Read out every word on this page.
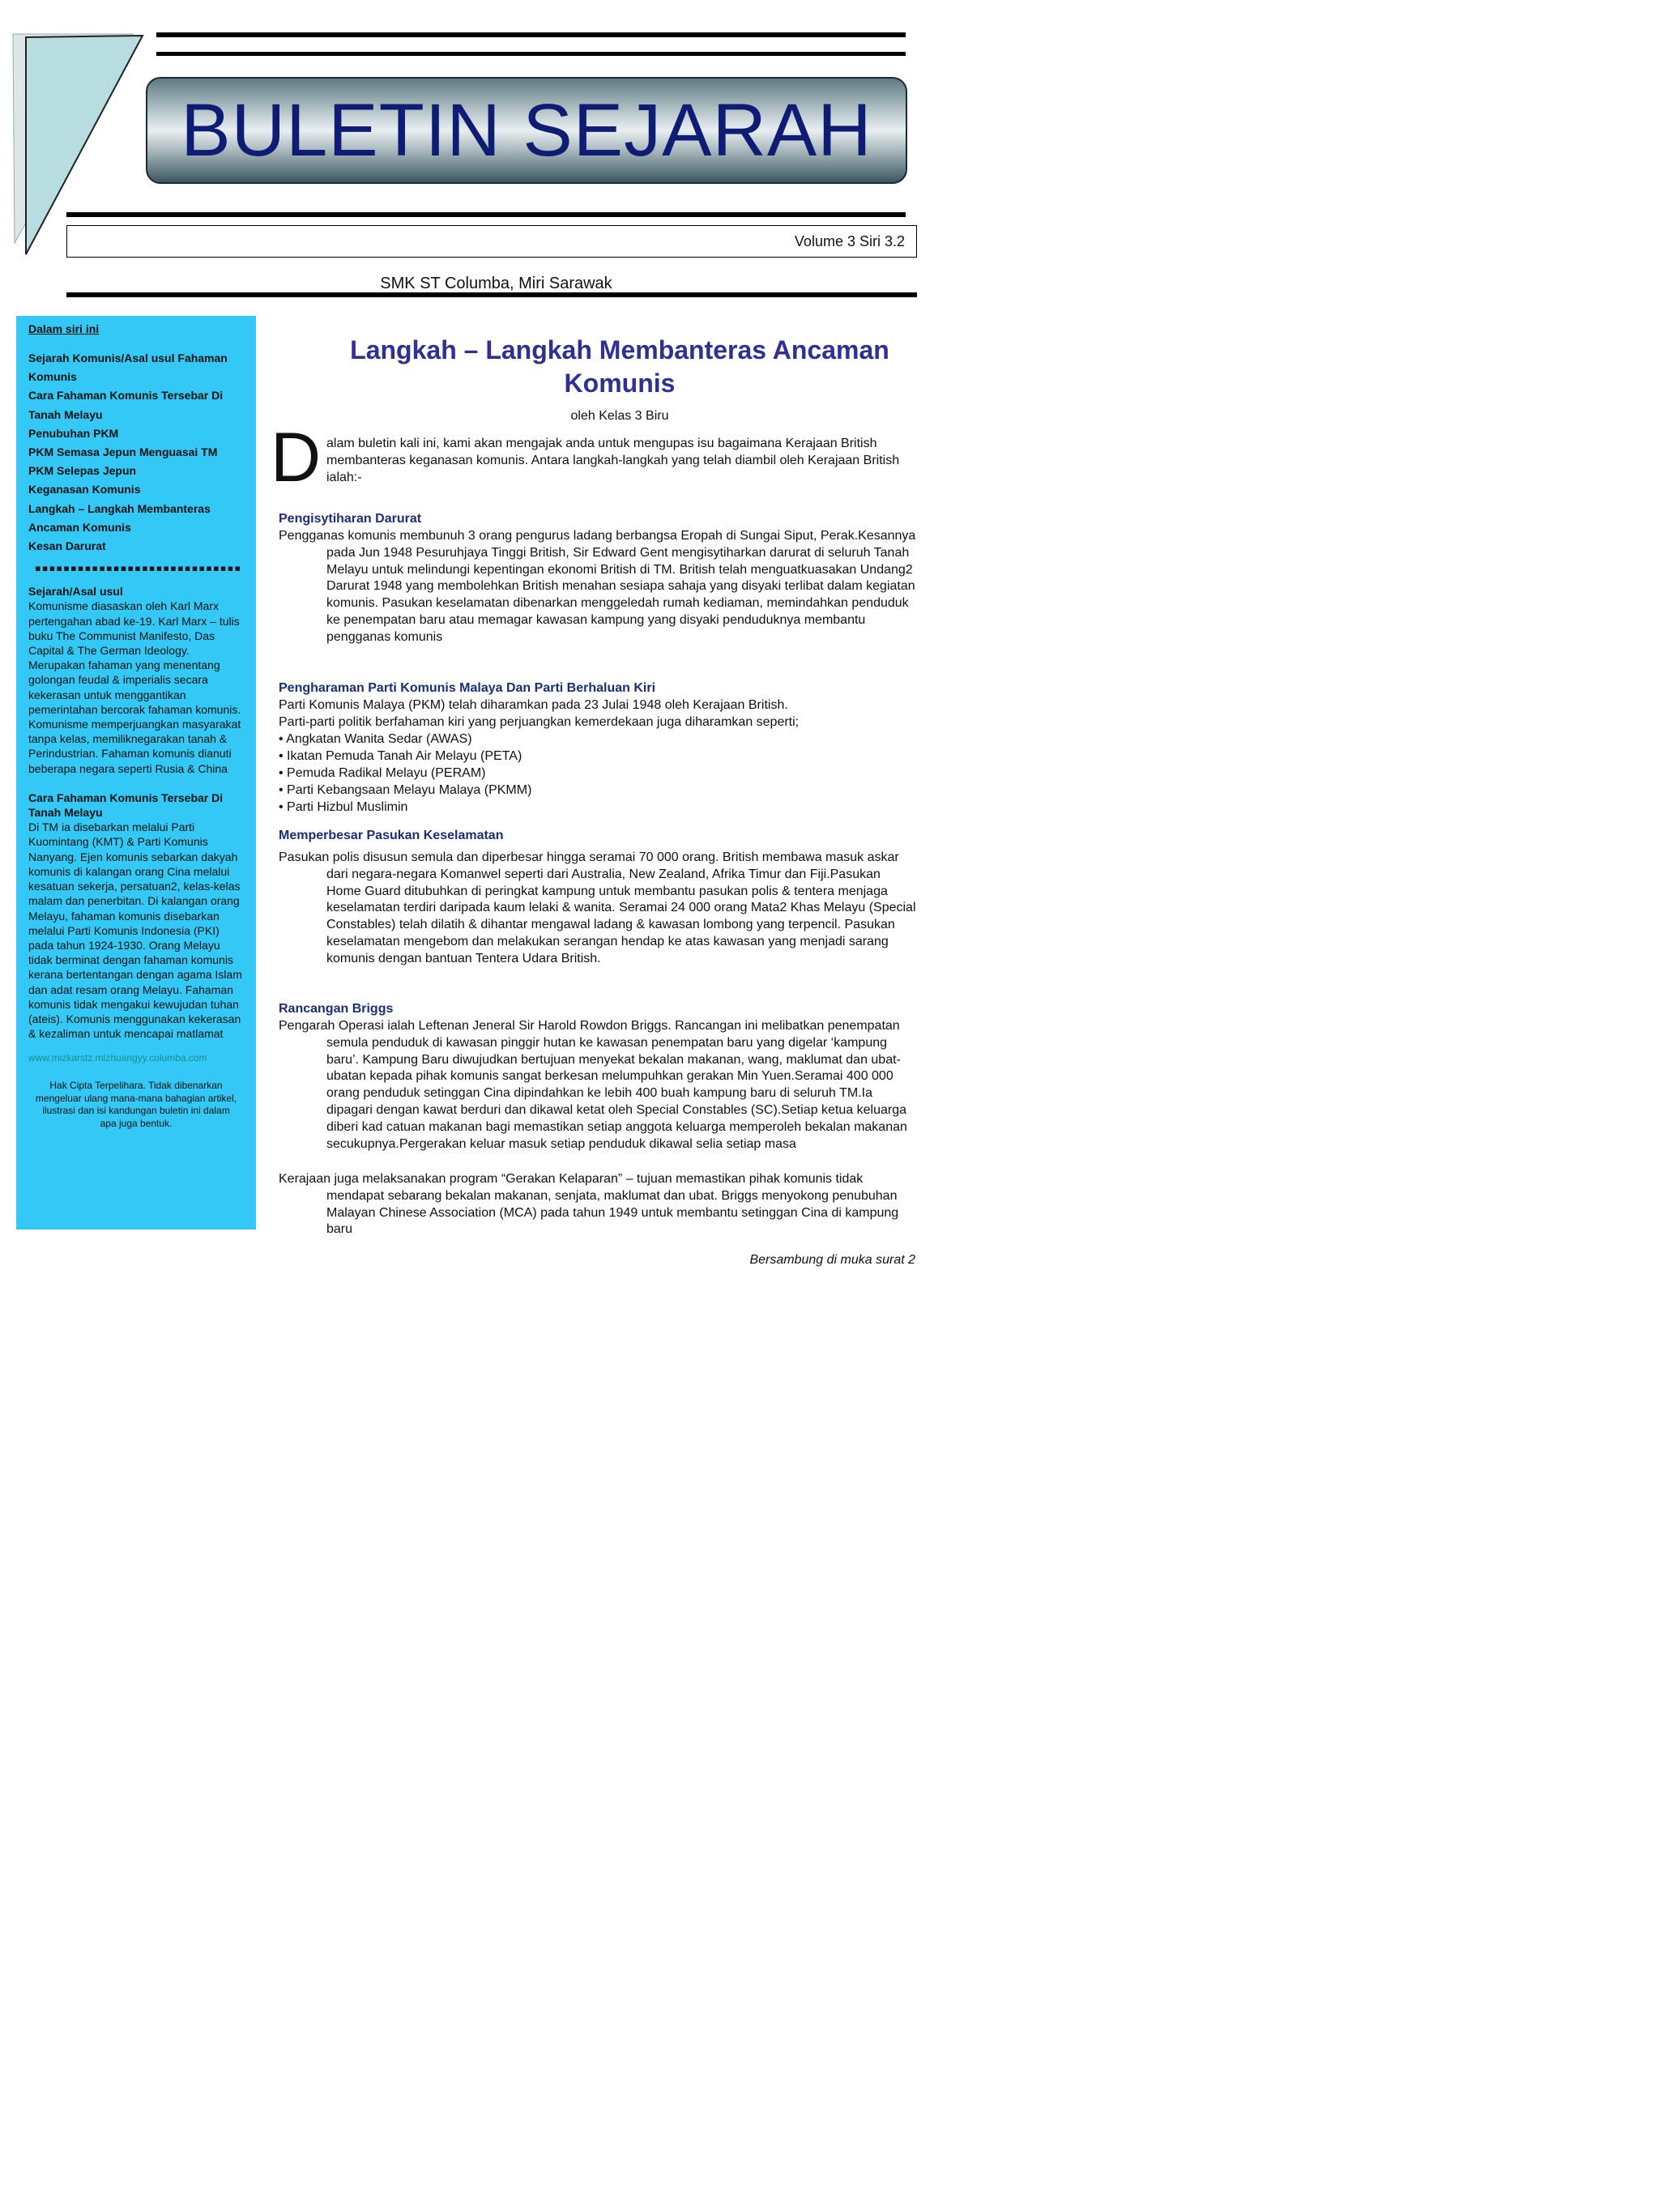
BULETIN SEJARAH
Volume 3 Siri 3.2
SMK ST Columba, Miri Sarawak
Dalam siri ini
Sejarah Komunis/Asal usul Fahaman Komunis
Cara Fahaman Komunis Tersebar Di Tanah Melayu
Penubuhan PKM
PKM Semasa Jepun Menguasai TM
PKM Selepas Jepun
Keganasan Komunis
Langkah – Langkah Membanteras Ancaman Komunis
Kesan Darurat
▪▪▪▪▪▪▪▪▪▪▪▪▪▪▪▪▪▪▪▪▪▪▪▪▪▪▪▪▪
Sejarah/Asal usul

Komunisme diasaskan oleh Karl Marx pertengahan abad ke-19. Karl Marx – tulis buku The Communist Manifesto, Das Capital & The German Ideology. Merupakan fahaman yang menentang golongan feudal & imperialis secara kekerasan untuk menggantikan pemerintahan bercorak fahaman komunis. Komunisme memperjuangkan masyarakat tanpa kelas, memiliknegarakan tanah & Perindustrian. Fahaman komunis dianuti beberapa negara seperti Rusia & China

Cara Fahaman Komunis Tersebar Di Tanah Melayu

Di TM ia disebarkan melalui Parti Kuomintang (KMT) & Parti Komunis Nanyang. Ejen komunis sebarkan dakyah komunis di kalangan orang Cina melalui kesatuan sekerja, persatuan2, kelas-kelas malam dan penerbitan. Di kalangan orang Melayu, fahaman komunis disebarkan melalui Parti Komunis Indonesia (PKI) pada tahun 1924-1930. Orang Melayu tidak berminat dengan fahaman komunis kerana bertentangan dengan agama Islam dan adat resam orang Melayu. Fahaman komunis tidak mengakui kewujudan tuhan (ateis). Komunis menggunakan kekerasan & kezaliman untuk mencapai matlamat

www.mizkarstz.mizhuangyy.columba.com
Hak Cipta Terpelihara. Tidak dibenarkan mengeluar ulang mana-mana bahagian artikel, ilustrasi dan isi kandungan buletin ini dalam apa juga bentuk.
Langkah – Langkah Membanteras Ancaman Komunis
oleh Kelas 3 Biru
D alam buletin kali ini, kami akan mengajak anda untuk mengupas isu bagaimana Kerajaan British membanteras keganasan komunis. Antara langkah-langkah yang telah diambil oleh Kerajaan British ialah:-
Pengisytiharan Darurat
Pengganas komunis membunuh 3 orang pengurus ladang berbangsa Eropah di Sungai Siput, Perak.Kesannya pada Jun 1948 Pesuruhjaya Tinggi British, Sir Edward Gent mengisytiharkan darurat di seluruh Tanah Melayu untuk melindungi kepentingan ekonomi British di TM. British telah menguatkuasakan Undang2 Darurat 1948 yang membolehkan British menahan sesiapa sahaja yang disyaki terlibat dalam kegiatan komunis. Pasukan keselamatan dibenarkan menggeledah rumah kediaman, memindahkan penduduk ke penempatan baru atau memagar kawasan kampung yang disyaki penduduknya membantu pengganas komunis
Pengharaman Parti Komunis Malaya Dan Parti Berhaluan Kiri
Parti Komunis Malaya (PKM) telah diharamkan pada 23 Julai 1948 oleh Kerajaan British.
Parti-parti politik berfahaman kiri yang perjuangkan kemerdekaan juga diharamkan seperti;
• Angkatan Wanita Sedar (AWAS)
• Ikatan Pemuda Tanah Air Melayu (PETA)
• Pemuda Radikal Melayu (PERAM)
• Parti Kebangsaan Melayu Malaya (PKMM)
• Parti Hizbul Muslimin
Memperbesar Pasukan Keselamatan
Pasukan polis disusun semula dan diperbesar hingga seramai 70 000 orang. British membawa masuk askar dari negara-negara Komanwel seperti dari Australia, New Zealand, Afrika Timur dan Fiji.Pasukan Home Guard ditubuhkan di peringkat kampung untuk membantu pasukan polis & tentera menjaga keselamatan terdiri daripada kaum lelaki & wanita. Seramai 24 000 orang Mata2 Khas Melayu (Special Constables) telah dilatih & dihantar mengawal ladang & kawasan lombong yang terpencil. Pasukan keselamatan mengebom dan melakukan serangan hendap ke atas kawasan yang menjadi sarang komunis dengan bantuan Tentera Udara British.
Rancangan Briggs
Pengarah Operasi ialah Leftenan Jeneral Sir Harold Rowdon Briggs. Rancangan ini melibatkan penempatan semula penduduk di kawasan pinggir hutan ke kawasan penempatan baru yang digelar ‘kampung baru’. Kampung Baru diwujudkan bertujuan menyekat bekalan makanan, wang, maklumat dan ubat-ubatan kepada pihak komunis sangat berkesan melumpuhkan gerakan Min Yuen.Seramai 400 000 orang penduduk setinggan Cina dipindahkan ke lebih 400 buah kampung baru di seluruh TM.Ia dipagari dengan kawat berduri dan dikawal ketat oleh Special Constables (SC).Setiap ketua keluarga diberi kad catuan makanan bagi memastikan setiap anggota keluarga memperoleh bekalan makanan secukupnya.Pergerakan keluar masuk setiap penduduk dikawal selia setiap masa
Kerajaan juga melaksanakan program “Gerakan Kelaparan” – tujuan memastikan pihak komunis tidak mendapat sebarang bekalan makanan, senjata, maklumat dan ubat. Briggs menyokong penubuhan Malayan Chinese Association (MCA) pada tahun 1949 untuk membantu setinggan Cina di kampung baru
Bersambung di muka surat 2
